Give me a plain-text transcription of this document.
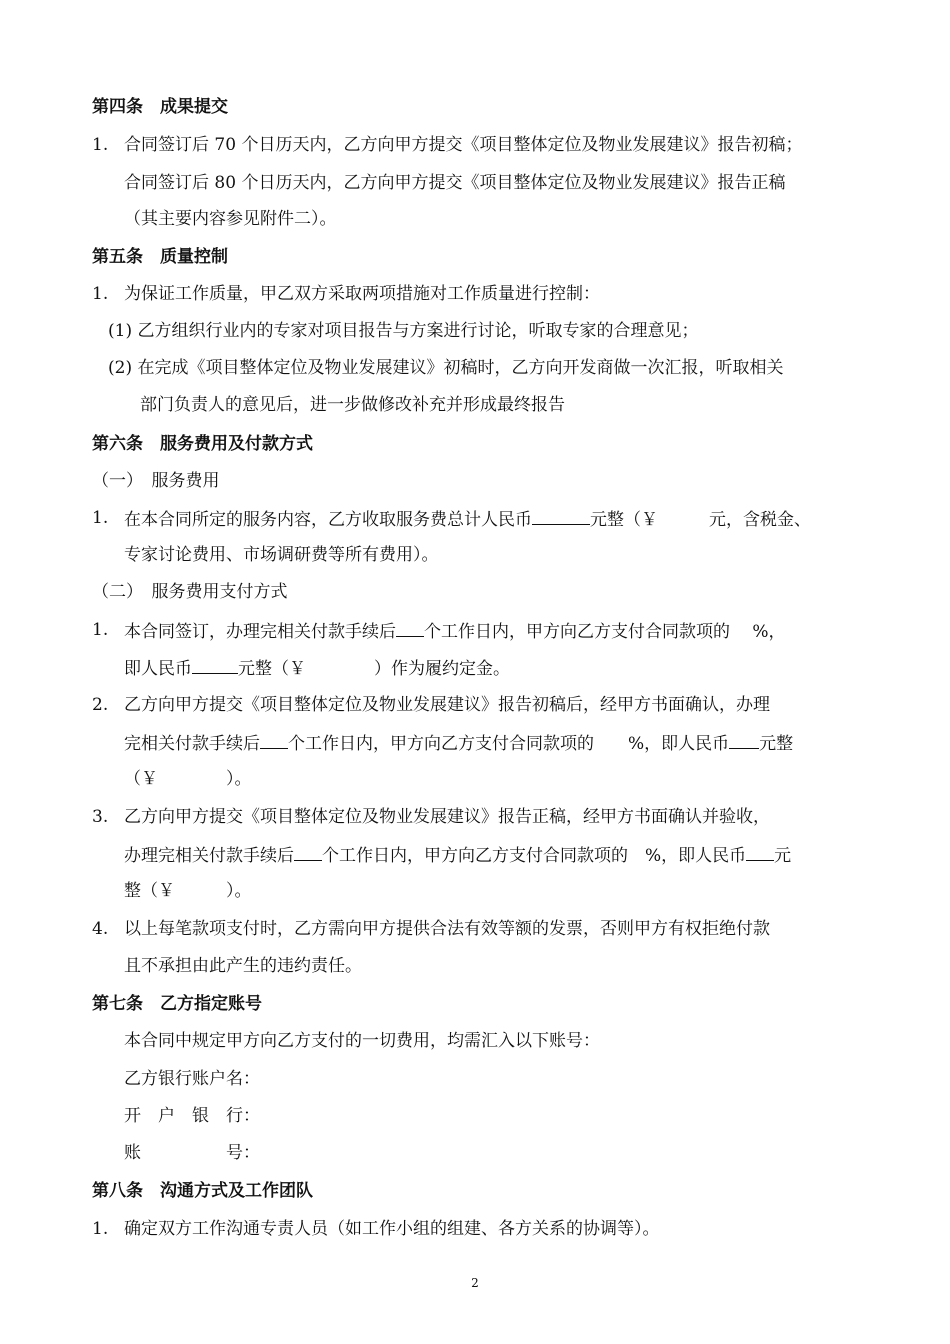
第四条　成果提交
1. 合同签订后 70 个日历天内，乙方向甲方提交《项目整体定位及物业发展建议》报告初稿；
合同签订后 80 个日历天内，乙方向甲方提交《项目整体定位及物业发展建议》报告正稿
（其主要内容参见附件二）。
第五条　质量控制
1. 为保证工作质量，甲乙双方采取两项措施对工作质量进行控制：
(1) 乙方组织行业内的专家对项目报告与方案进行讨论，听取专家的合理意见；
(2) 在完成《项目整体定位及物业发展建议》初稿时，乙方向开发商做一次汇报，听取相关
部门负责人的意见后，进一步做修改补充并形成最终报告
第六条　服务费用及付款方式
（一）　服务费用
1. 在本合同所定的服务内容，乙方收取服务费总计人民币	元整（￥　　　元，含税金、
专家讨论费用、市场调研费等所有费用）。
（二）　服务费用支付方式
1. 本合同签订，办理完相关付款手续后 个工作日内，甲方向乙方支付合同款项的　 %，
即人民币	元整（￥　　　　）作为履约定金。
2. 乙方向甲方提交《项目整体定位及物业发展建议》报告初稿后，经甲方书面确认，办理
完相关付款手续后 个工作日内，甲方向乙方支付合同款项的　　%，即人民币 元整
（￥　　　　）。
3. 乙方向甲方提交《项目整体定位及物业发展建议》报告正稿，经甲方书面确认并验收，
办理完相关付款手续后 个工作日内，甲方向乙方支付合同款项的　%，即人民币 元
整（￥　　　）。
4. 以上每笔款项支付时，乙方需向甲方提供合法有效等额的发票，否则甲方有权拒绝付款
且不承担由此产生的违约责任。
第七条　乙方指定账号
本合同中规定甲方向乙方支付的一切费用，均需汇入以下账号：
乙方银行账户名：
开　户　银　行：
账　　　　　号：
第八条　沟通方式及工作团队
1. 确定双方工作沟通专责人员（如工作小组的组建、各方关系的协调等）。
2
